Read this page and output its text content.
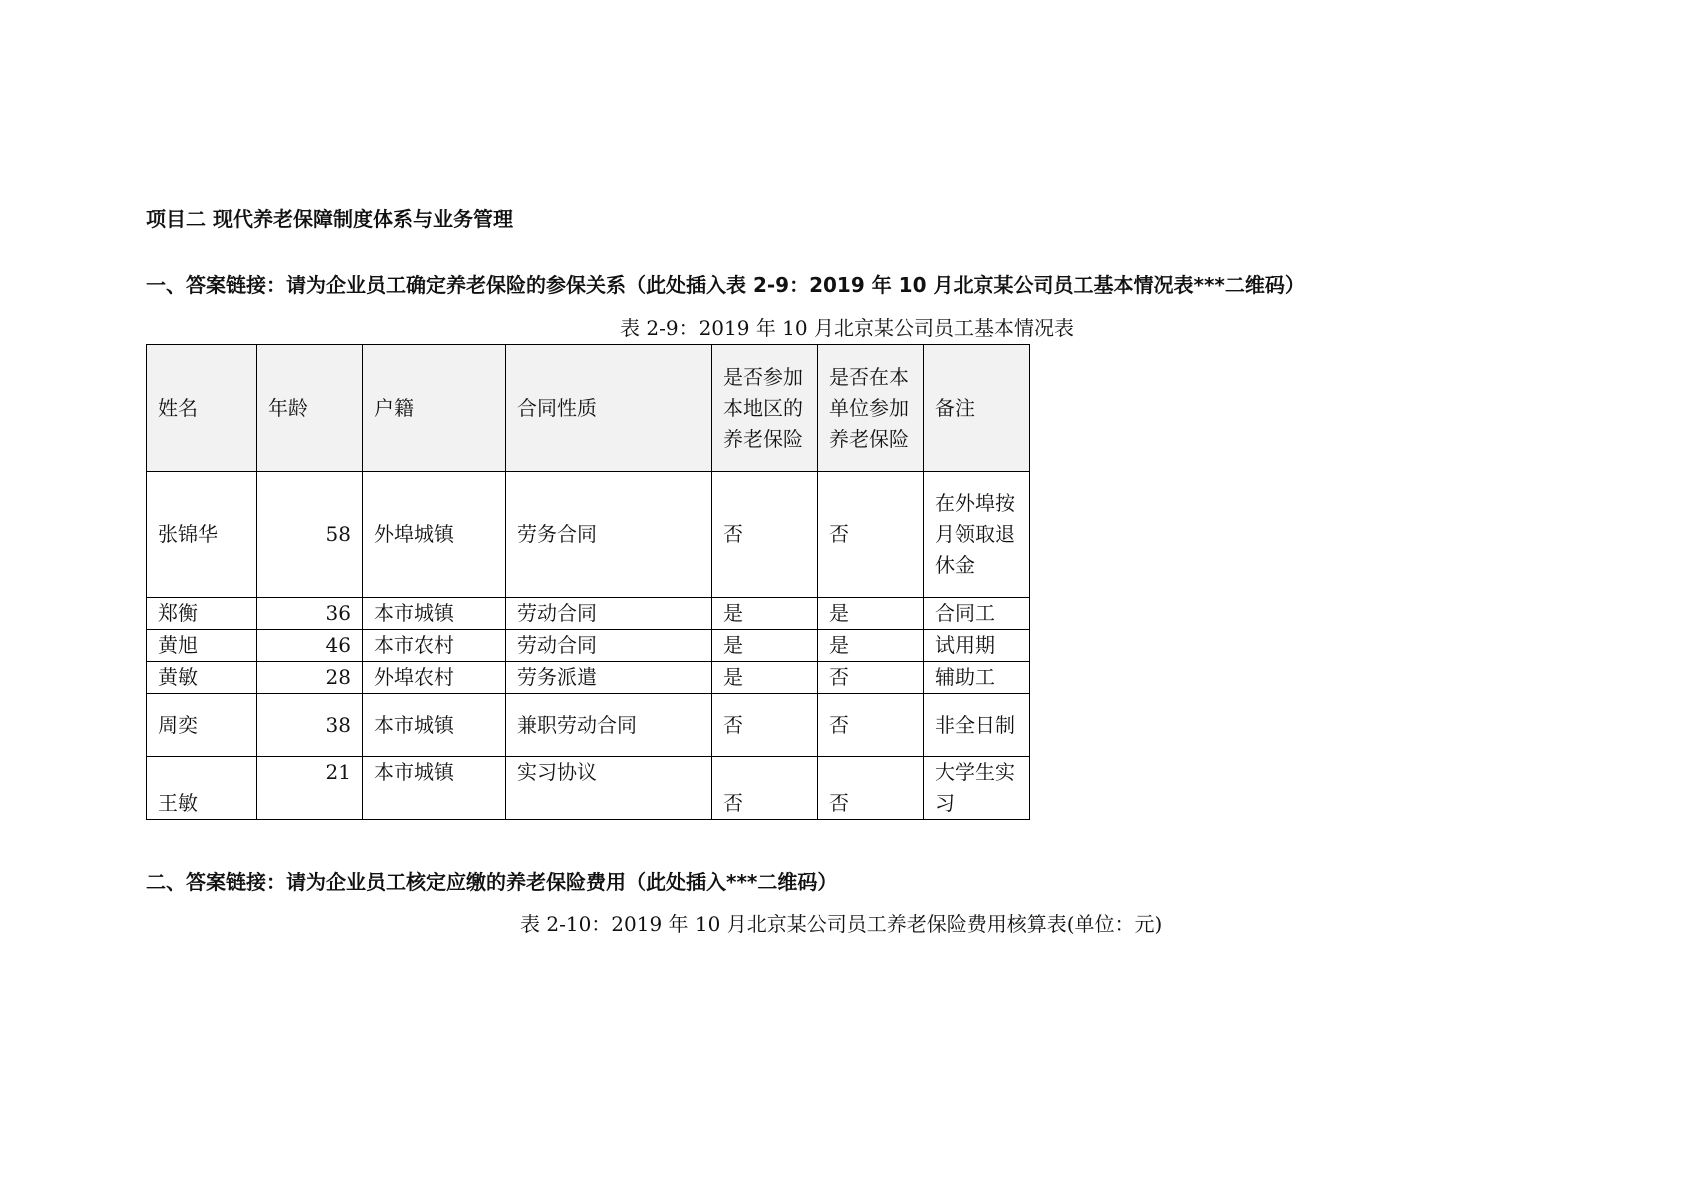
项目二 现代养老保障制度体系与业务管理
一、答案链接：请为企业员工确定养老保险的参保关系（此处插入表 2-9：2019 年 10 月北京某公司员工基本情况表***二维码）
表 2-9：2019 年 10 月北京某公司员工基本情况表
姓名	年龄	户籍	合同性质	是否参加本地区的养老保险	是否在本单位参加养老保险	备注
张锦华	58	外埠城镇	劳务合同	否	否	在外埠按月领取退休金
郑衡	36	本市城镇	劳动合同	是	是	合同工
黄旭	46	本市农村	劳动合同	是	是	试用期
黄敏	28	外埠农村	劳务派遣	是	否	辅助工
周奕	38	本市城镇	兼职劳动合同	否	否	非全日制
王敏	21	本市城镇	实习协议	否	否	大学生实习
二、答案链接：请为企业员工核定应缴的养老保险费用（此处插入***二维码）
表 2-10：2019 年 10 月北京某公司员工养老保险费用核算表(单位：元)
